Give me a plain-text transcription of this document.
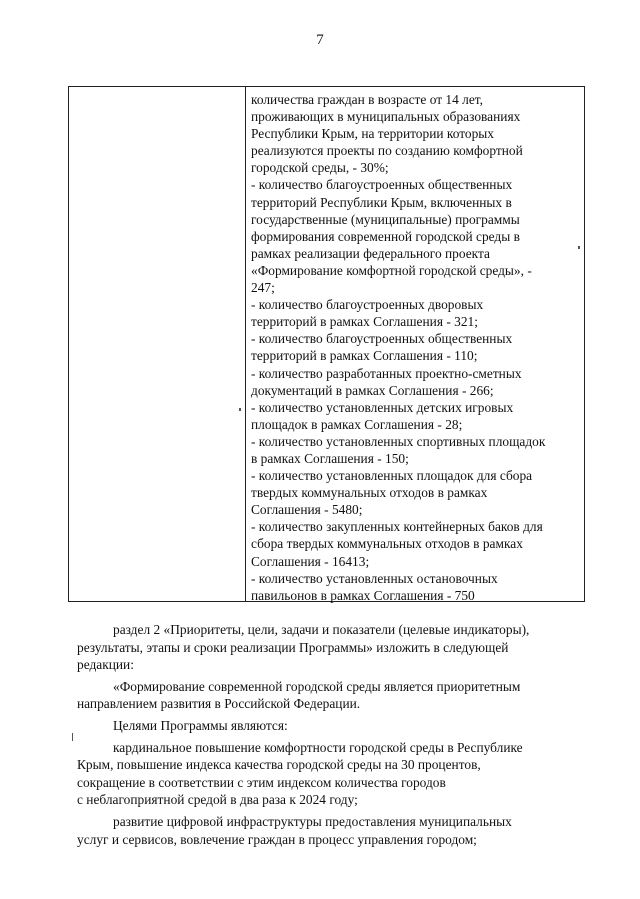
7
количества граждан в возрасте от 14 лет,
проживающих в муниципальных образованиях
Республики Крым, на территории которых
реализуются проекты по созданию комфортной
городской среды, - 30%;
- количество благоустроенных общественных
территорий Республики Крым, включенных в
государственные (муниципальные) программы
формирования современной городской среды в
рамках реализации федерального проекта
«Формирование комфортной городской среды», -
247;
- количество благоустроенных дворовых
территорий в рамках Соглашения - 321;
- количество благоустроенных общественных
территорий в рамках Соглашения - 110;
- количество разработанных проектно-сметных
документаций в рамках Соглашения - 266;
- количество установленных детских игровых
площадок в рамках Соглашения - 28;
- количество установленных спортивных площадок
в рамках Соглашения - 150;
- количество установленных площадок для сбора
твердых коммунальных отходов в рамках
Соглашения - 5480;
- количество закупленных контейнерных баков для
сбора твердых коммунальных отходов в рамках
Соглашения - 16413;
- количество установленных остановочных
павильонов в рамках Соглашения - 750

раздел 2 «Приоритеты, цели, задачи и показатели (целевые индикаторы),
результаты, этапы и сроки реализации Программы» изложить в следующей
редакции:

«Формирование современной городской среды является приоритетным
направлением развития в Российской Федерации.

Целями Программы являются:

кардинальное повышение комфортности городской среды в Республике
Крым, повышение индекса качества городской среды на 30 процентов,
сокращение в соответствии с этим индексом количества городов
с неблагоприятной средой в два раза к 2024 году;

развитие цифровой инфраструктуры предоставления муниципальных
услуг и сервисов, вовлечение граждан в процесс управления городом;
